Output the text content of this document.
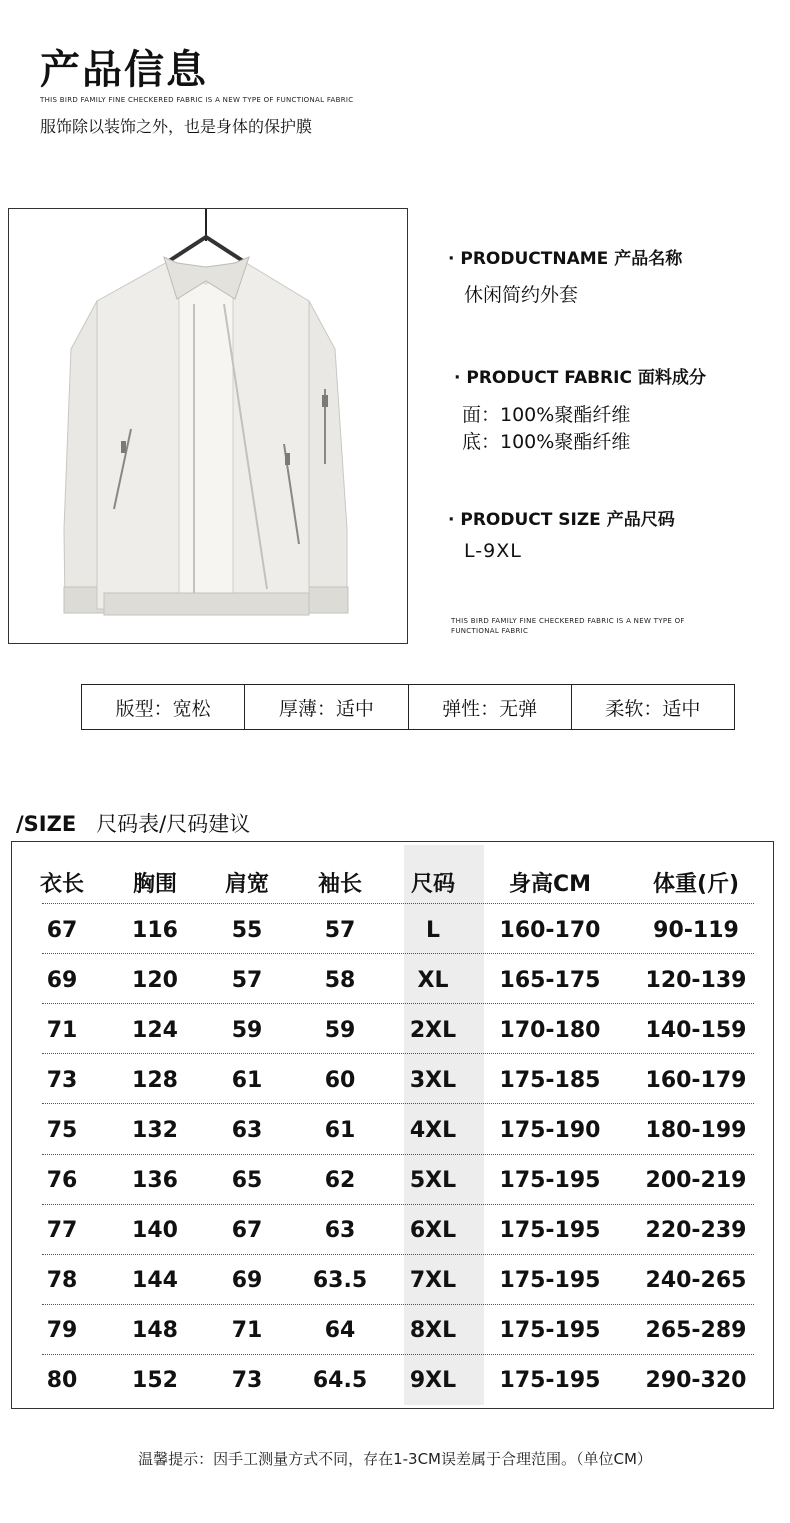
产品信息
THIS BIRD FAMILY FINE CHECKERED FABRIC IS A NEW TYPE OF FUNCTIONAL FABRIC
服饰除以装饰之外，也是身体的保护膜
· PRODUCTNAME 产品名称
休闲简约外套
· PRODUCT FABRIC 面料成分
面：100%聚酯纤维
底：100%聚酯纤维
· PRODUCT SIZE 产品尺码
L-9XL
THIS BIRD FAMILY FINE CHECKERED FABRIC IS A NEW TYPE OF FUNCTIONAL FABRIC
版型：宽松	厚薄：适中	弹性：无弹	柔软：适中
/SIZE 尺码表/尺码建议
衣长 胸围 肩宽 袖长 尺码 身高CM	体重(斤)
67 116 55	57	L	160-170 90-119
69 120 57	58	XL 165-175 120-139
71 124 59	59 2XL 170-180 140-159
73 128 61	60 3XL 175-185 160-179
75 132 63	61 4XL 175-190 180-199
76 136 65	62 5XL 175-195 200-219
77 140 67	63 6XL 175-195 220-239
78 144 69 63.5 7XL 175-195 240-265
79 148 71	64 8XL 175-195 265-289
80 152 73 64.5 9XL 175-195 290-320
温馨提示：因手工测量方式不同，存在1-3CM误差属于合理范围。（单位CM）
